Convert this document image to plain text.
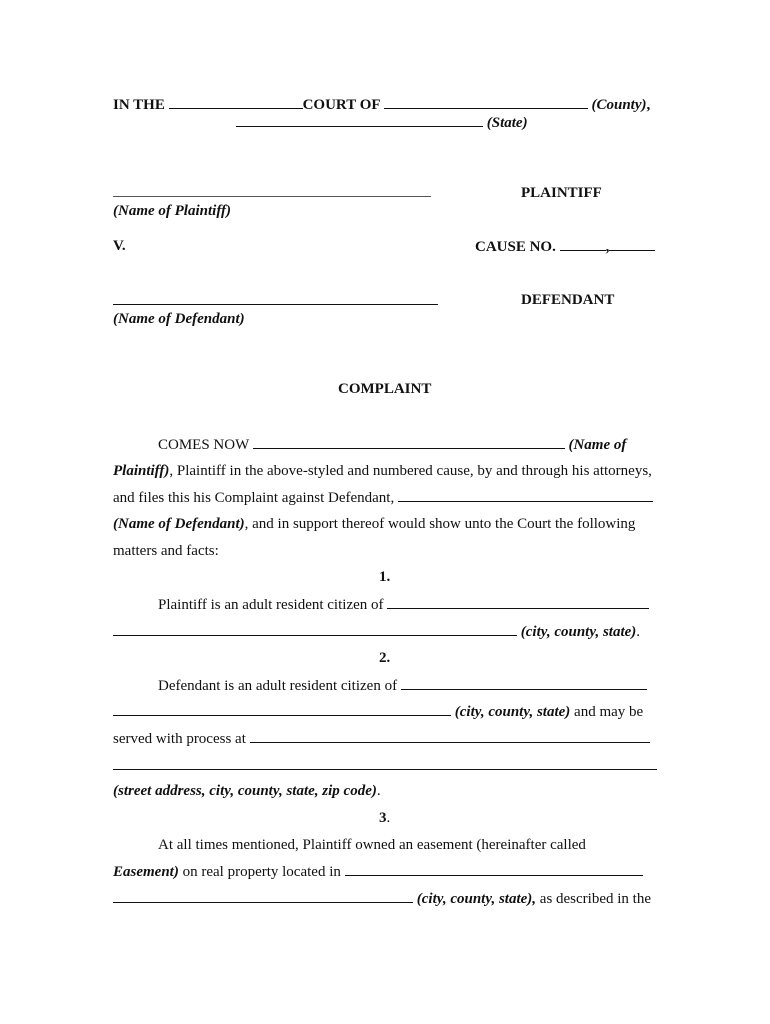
IN THE	COURT OF	(County),
(State)
PLAINTIFF
(Name of Plaintiff)
V.	CAUSE NO.	,
DEFENDANT
(Name of Defendant)
COMPLAINT
COMES NOW	(Name of
Plaintiff), Plaintiff in the above-styled and numbered cause, by and through his attorneys,
and files this his Complaint against Defendant,
(Name of Defendant), and in support thereof would show unto the Court the following
matters and facts:
1.
Plaintiff is an adult resident citizen of
(city, county, state).
2.
Defendant is an adult resident citizen of
(city, county, state) and may be
served with process at
(street address, city, county, state, zip code).
3.
At all times mentioned, Plaintiff owned an easement (hereinafter called
Easement) on real property located in
(city, county, state), as described in the
